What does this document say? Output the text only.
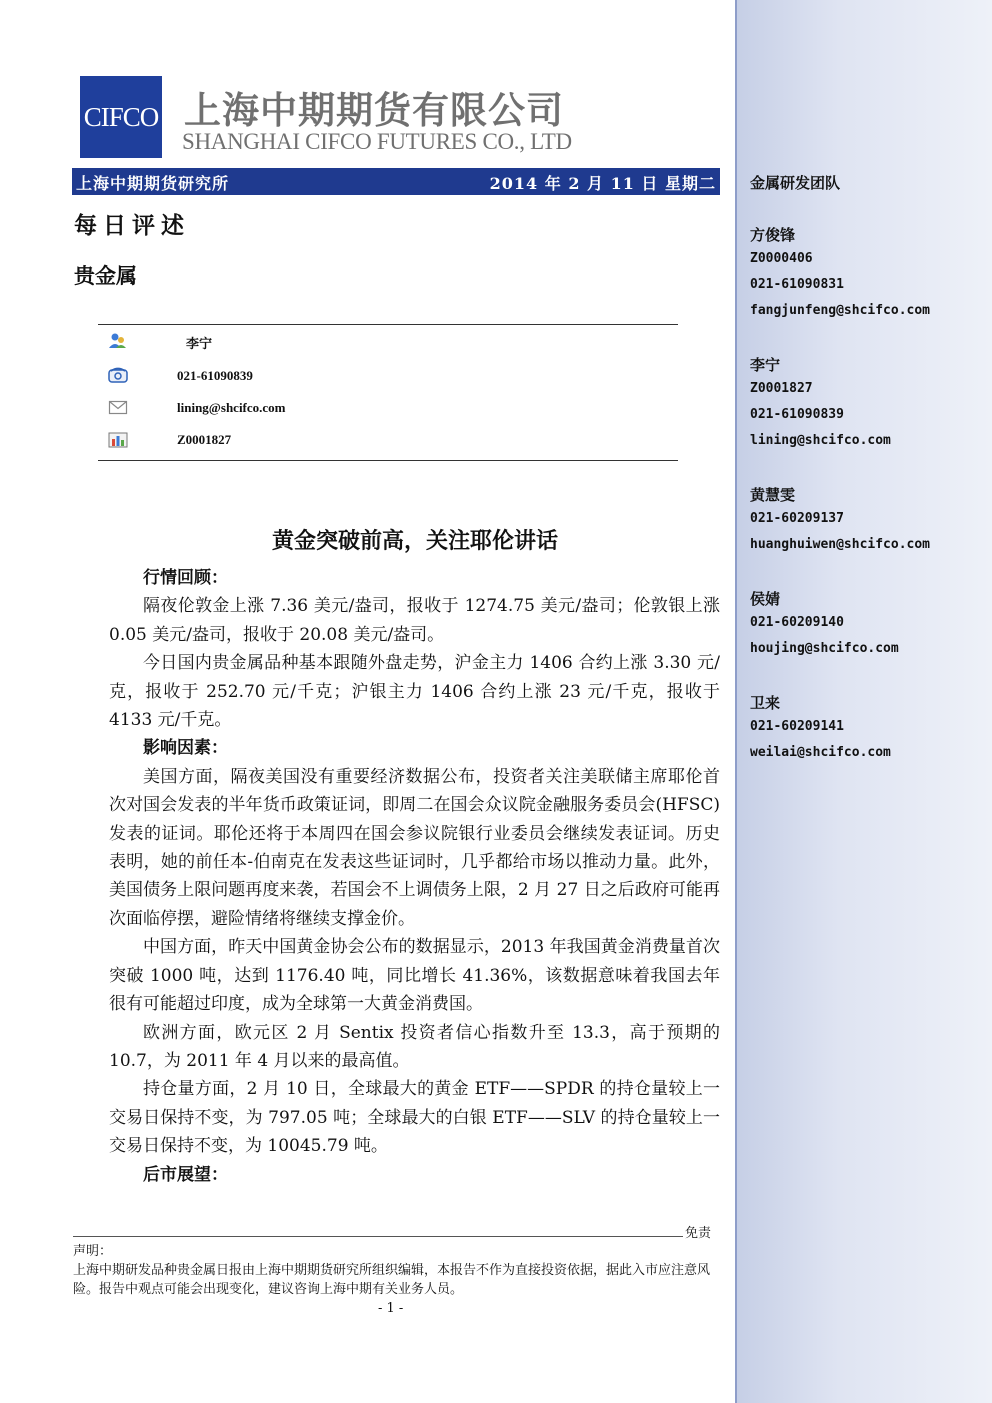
金属研发团队
方俊锋
Z0000406
021-61090831
fangjunfeng@shcifco.com
李宁
Z0001827
021-61090839
lining@shcifco.com
黄慧雯
021-60209137
huanghuiwen@shcifco.com
侯婧
021-60209140
houjing@shcifco.com
卫来
021-60209141
weilai@shcifco.com
CIFCO 上海中期期货有限公司
SHANGHAI CIFCO FUTURES CO., LTD
上海中期期货研究所	2014 年 2 月 11 日 星期二
每日评述
贵金属
李宁
021-61090839
lining@shcifco.com
Z0001827
黄金突破前高，关注耶伦讲话

行情回顾：

隔夜伦敦金上涨 7.36 美元/盎司，报收于 1274.75 美元/盎司；伦敦银上涨 0.05 美元/盎司，报收于 20.08 美元/盎司。

今日国内贵金属品种基本跟随外盘走势，沪金主力 1406 合约上涨 3.30 元/克，报收于 252.70 元/千克；沪银主力 1406 合约上涨 23 元/千克，报收于 4133 元/千克。

影响因素：

美国方面，隔夜美国没有重要经济数据公布，投资者关注美联储主席耶伦首次对国会发表的半年货币政策证词，即周二在国会众议院金融服务委员会(HFSC)发表的证词。耶伦还将于本周四在国会参议院银行业委员会继续发表证词。历史表明，她的前任本-伯南克在发表这些证词时，几乎都给市场以推动力量。此外，美国债务上限问题再度来袭，若国会不上调债务上限，2 月 27 日之后政府可能再次面临停摆，避险情绪将继续支撑金价。

中国方面，昨天中国黄金协会公布的数据显示，2013 年我国黄金消费量首次突破 1000 吨，达到 1176.40 吨，同比增长 41.36%，该数据意味着我国去年很有可能超过印度，成为全球第一大黄金消费国。

欧洲方面，欧元区 2 月 Sentix 投资者信心指数升至 13.3，高于预期的 10.7，为 2011 年 4 月以来的最高值。

持仓量方面，2 月 10 日，全球最大的黄金 ETF——SPDR 的持仓量较上一交易日保持不变，为 797.05 吨；全球最大的白银 ETF——SLV 的持仓量较上一交易日保持不变，为 10045.79 吨。

后市展望：

免责
声明：
上海中期研发品种贵金属日报由上海中期期货研究所组织编辑，本报告不作为直接投资依据，据此入市应注意风险。报告中观点可能会出现变化，建议咨询上海中期有关业务人员。
- 1 -
